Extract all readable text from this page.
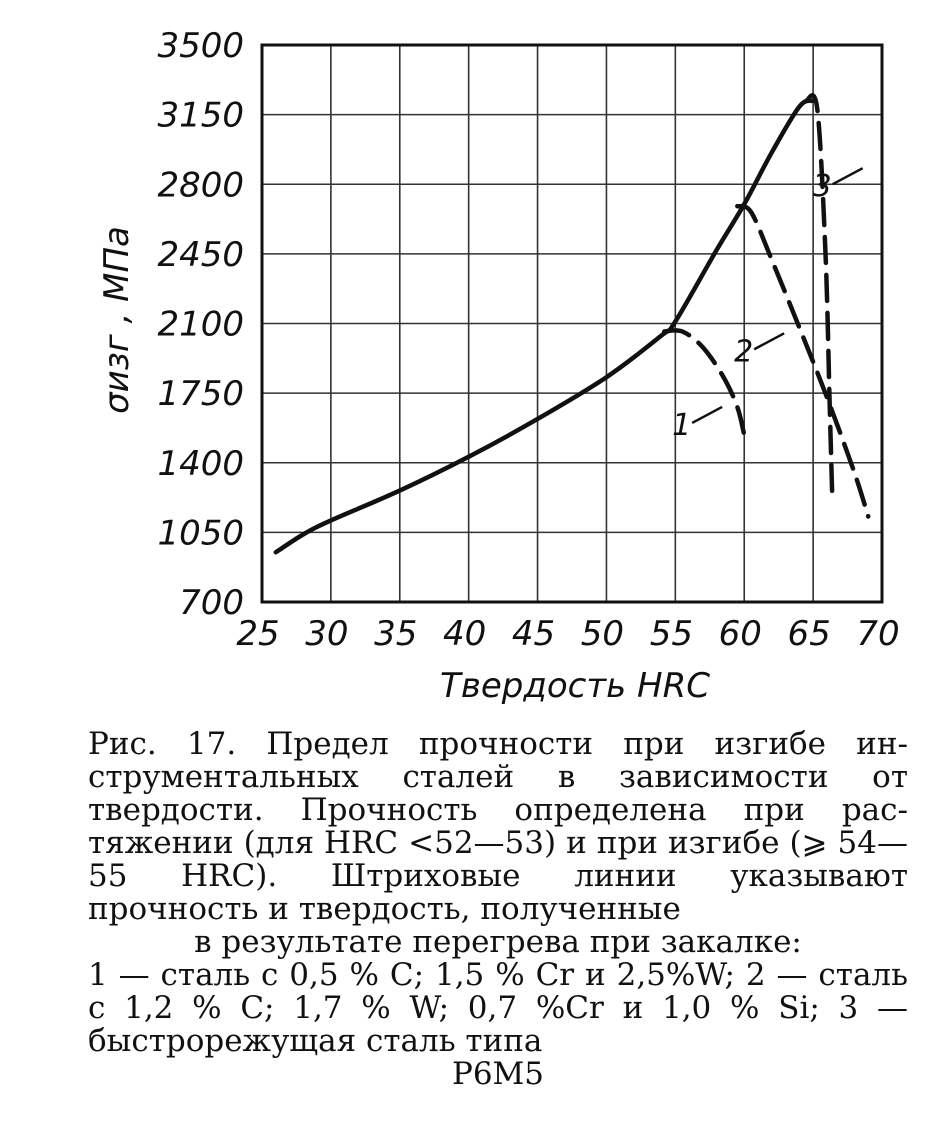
25 30 35 40 45 50 55 60 65 70
700
1050
1400
1750
2100
2450
2800
3150
3500
1
2
3
Твердость HRC
σизг , МПа

Рис. 17. Предел прочности при изгибе инструментальных сталей в зависимости от твердости. Прочность определена при растяжении (для HRC <52—53) и при изгибе (⩾ 54—55 HRC). Штриховые линии указывают прочность и твердость, полученные

в результате перегрева при закалке:

1 — сталь с 0,5 % C; 1,5 % Cr и 2,5%W; 2 — сталь с 1,2 % C; 1,7 % W; 0,7 %Cr и 1,0 % Si; 3 — быстрорежущая сталь типа

Р6М5
